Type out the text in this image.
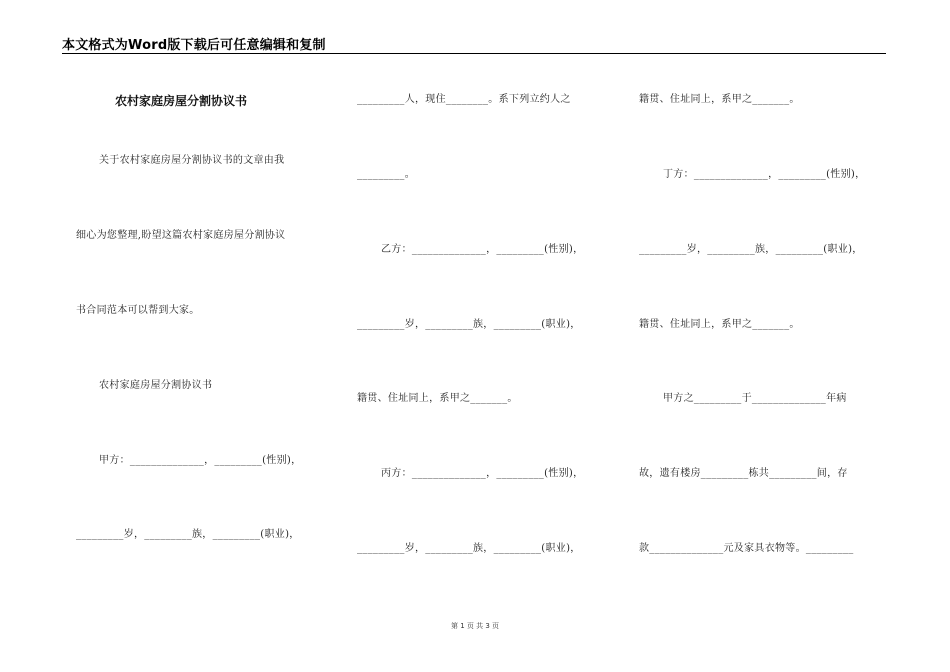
本文格式为Word版下载后可任意编辑和复制
农村家庭房屋分割协议书
关于农村家庭房屋分割协议书的文章由我
细心为您整理,盼望这篇农村家庭房屋分割协议
书合同范本可以帮到大家。
农村家庭房屋分割协议书
甲方：______________，_________(性别)，
_________岁，_________族，_________(职业)，
_________人，现住________。系下列立约人之
_________。
乙方：______________，_________(性别)，
_________岁，_________族，_________(职业)，
籍贯、住址同上，系甲之_______。
丙方：______________，_________(性别)，
_________岁，_________族，_________(职业)，
籍贯、住址同上，系甲之_______。
丁方：______________，_________(性别)，
_________岁，_________族，_________(职业)，
籍贯、住址同上，系甲之_______。
甲方之_________于______________年病
故，遗有楼房_________栋共_________间，存
款______________元及家具衣物等。_________
第 1 页 共 3 页
